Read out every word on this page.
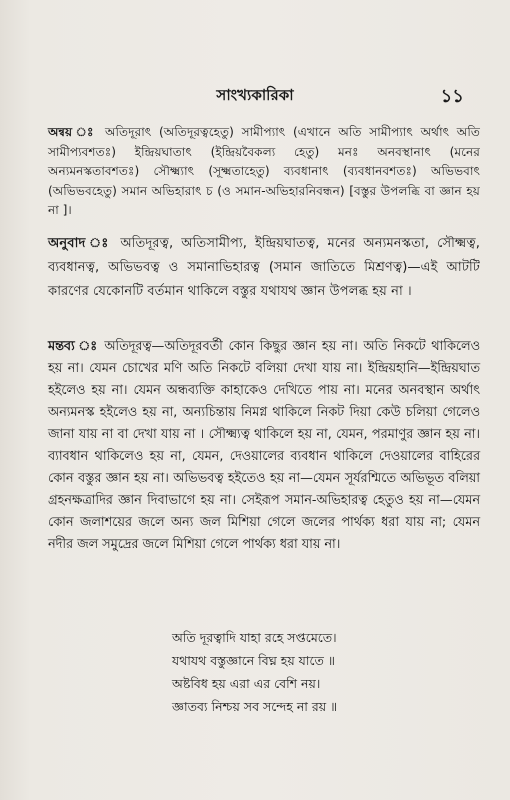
সাংখ্যকারিকা	১১
অন্বয় ঃ অতিদূরাৎ (অতিদূরত্বহেতু) সামীপ্যাৎ (এখানে অতি সামীপ্যাৎ অর্থাৎ অতি সামীপ্যবশতঃ) ইন্দ্রিয়ঘাতাৎ (ইন্দ্রিয়বৈকল্য হেতু) মনঃ অনবস্থানাৎ (মনের অন্যমনস্কতাবশতঃ) সৌক্ষ্ম্যাৎ (সূক্ষ্মতাহেতু) ব্যবধানাৎ (ব্যবধানবশতঃ) অভিভবাৎ (অভিভবহেতু) সমান অভিহারাৎ চ (ও সমান-অভিহারনিবন্ধন) [বস্তুর উপলব্ধি বা জ্ঞান হয় না ]।
অনুবাদ ঃ অতিদূরত্ব, অতিসামীপ্য, ইন্দ্রিয়ঘাতত্ব, মনের অন্যমনস্কতা, সৌক্ষ্মত্ব, ব্যবধানত্ব, অভিভবত্ব ও সমানাভিহারত্ব (সমান জাতিতে মিশ্রণত্ব)—এই আটটি কারণের যেকোনটি বর্তমান থাকিলে বস্তুর যথাযথ জ্ঞান উপলব্ধ হয় না ।
মন্তব্য ঃ অতিদূরত্ব—অতিদূরবর্তী কোন কিছুর জ্ঞান হয় না। অতি নিকটে থাকিলেও হয় না। যেমন চোখের মণি অতি নিকটে বলিয়া দেখা যায় না। ইন্দ্রিয়হানি—ইন্দ্রিয়ঘাত হইলেও হয় না। যেমন অন্ধব্যক্তি কাহাকেও দেখিতে পায় না। মনের অনবস্থান অর্থাৎ অন্যমনস্ক হইলেও হয় না, অন্যচিন্তায় নিমগ্ন থাকিলে নিকট দিয়া কেউ চলিয়া গেলেও জানা যায় না বা দেখা যায় না । সৌক্ষ্ম্যত্ব থাকিলে হয় না, যেমন, পরমাণুর জ্ঞান হয় না। ব্যাবধান থাকিলেও হয় না, যেমন, দেওয়ালের ব্যবধান থাকিলে দেওয়ালের বাহিরের কোন বস্তুর জ্ঞান হয় না। অভিভবত্ব হইতেও হয় না—যেমন সূর্যরশ্মিতে অভিভূত বলিয়া গ্রহনক্ষত্রাদির জ্ঞান দিবাভাগে হয় না। সেইরূপ সমান-অভিহারত্ব হেতুও হয় না—যেমন কোন জলাশয়ের জলে অন্য জল মিশিয়া গেলে জলের পার্থক্য ধরা যায় না; যেমন নদীর জল সমুদ্রের জলে মিশিয়া গেলে পার্থক্য ধরা যায় না।
অতি দূরত্বাদি যাহা রহে সপ্তমেতে।
যথাযথ বস্তুজ্ঞানে বিঘ্ন হয় যাতে ॥
অষ্টবিধ হয় এরা এর বেশি নয়।
জ্ঞাতব্য নিশ্চয় সব সন্দেহ না রয় ॥
